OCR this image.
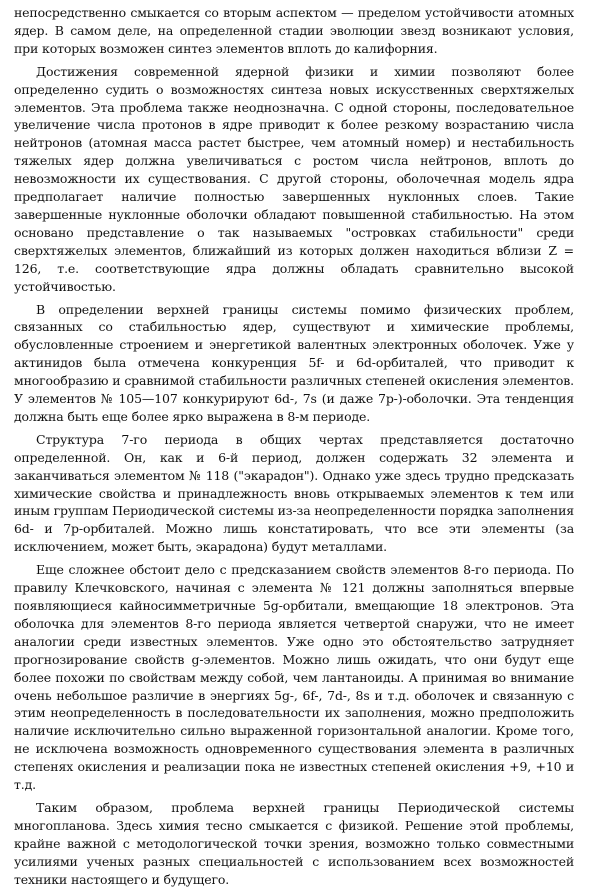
непосредственно смыкается со вторым аспектом — пределом устойчивости атомных ядер. В самом деле, на определенной стадии эволюции звезд возникают условия, при которых возможен синтез элементов вплоть до калифорния.

Достижения современной ядерной физики и химии позволяют более определенно судить о возможностях синтеза новых искусственных сверхтяжелых элементов. Эта проблема также неоднозначна. С одной стороны, последовательное увеличение числа протонов в ядре приводит к более резкому возрастанию числа нейтронов (атомная масса растет быстрее, чем атомный номер) и нестабильность тяжелых ядер должна увеличиваться с ростом числа нейтронов, вплоть до невозможности их существования. С другой стороны, оболочечная модель ядра предполагает наличие полностью завершенных нуклонных слоев. Такие завершенные нуклонные оболочки обладают повышенной стабильностью. На этом основано представление о так называемых "островках стабильности" среди сверхтяжелых элементов, ближайший из которых должен находиться вблизи Z = 126, т.е. соответствующие ядра должны обладать сравнительно высокой устойчивостью.

В определении верхней границы системы помимо физических проблем, связанных со стабильностью ядер, существуют и химические проблемы, обусловленные строением и энергетикой валентных электронных оболочек. Уже у актинидов была отмечена конкуренция 5f- и 6d-орбиталей, что приводит к многообразию и сравнимой стабильности различных степеней окисления элементов. У элементов № 105—107 конкурируют 6d-, 7s (и даже 7p-)-оболочки. Эта тенденция должна быть еще более ярко выражена в 8-м периоде.

Структура 7-го периода в общих чертах представляется достаточно определенной. Он, как и 6-й период, должен содержать 32 элемента и заканчиваться элементом № 118 ("экарадон"). Однако уже здесь трудно предсказать химические свойства и принадлежность вновь открываемых элементов к тем или иным группам Периодической системы из-за неопределенности порядка заполнения 6d- и 7p-орбиталей. Можно лишь констатировать, что все эти элементы (за исключением, может быть, экарадона) будут металлами.

Еще сложнее обстоит дело с предсказанием свойств элементов 8-го периода. По правилу Клечковского, начиная с элемента № 121 должны заполняться впервые появляющиеся кайносимметричные 5g-орбитали, вмещающие 18 электронов. Эта оболочка для элементов 8-го периода является четвертой снаружи, что не имеет аналогии среди известных элементов. Уже одно это обстоятельство затрудняет прогнозирование свойств g-элементов. Можно лишь ожидать, что они будут еще более похожи по свойствам между собой, чем лантаноиды. А принимая во внимание очень небольшое различие в энергиях 5g-, 6f-, 7d-, 8s и т.д. оболочек и связанную с этим неопределенность в последовательности их заполнения, можно предположить наличие исключительно сильно выраженной горизонтальной аналогии. Кроме того, не исключена возможность одновременного существования элемента в различных степенях окисления и реализации пока не известных степеней окисления +9, +10 и т.д.

Таким образом, проблема верхней границы Периодической системы многоплановa. Здесь химия тесно смыкается с физикой. Решение этой проблемы, крайне важной с методологической точки зрения, возможно только совместными усилиями ученых разных специальностей с использованием всех возможностей техники настоящего и будущего.
